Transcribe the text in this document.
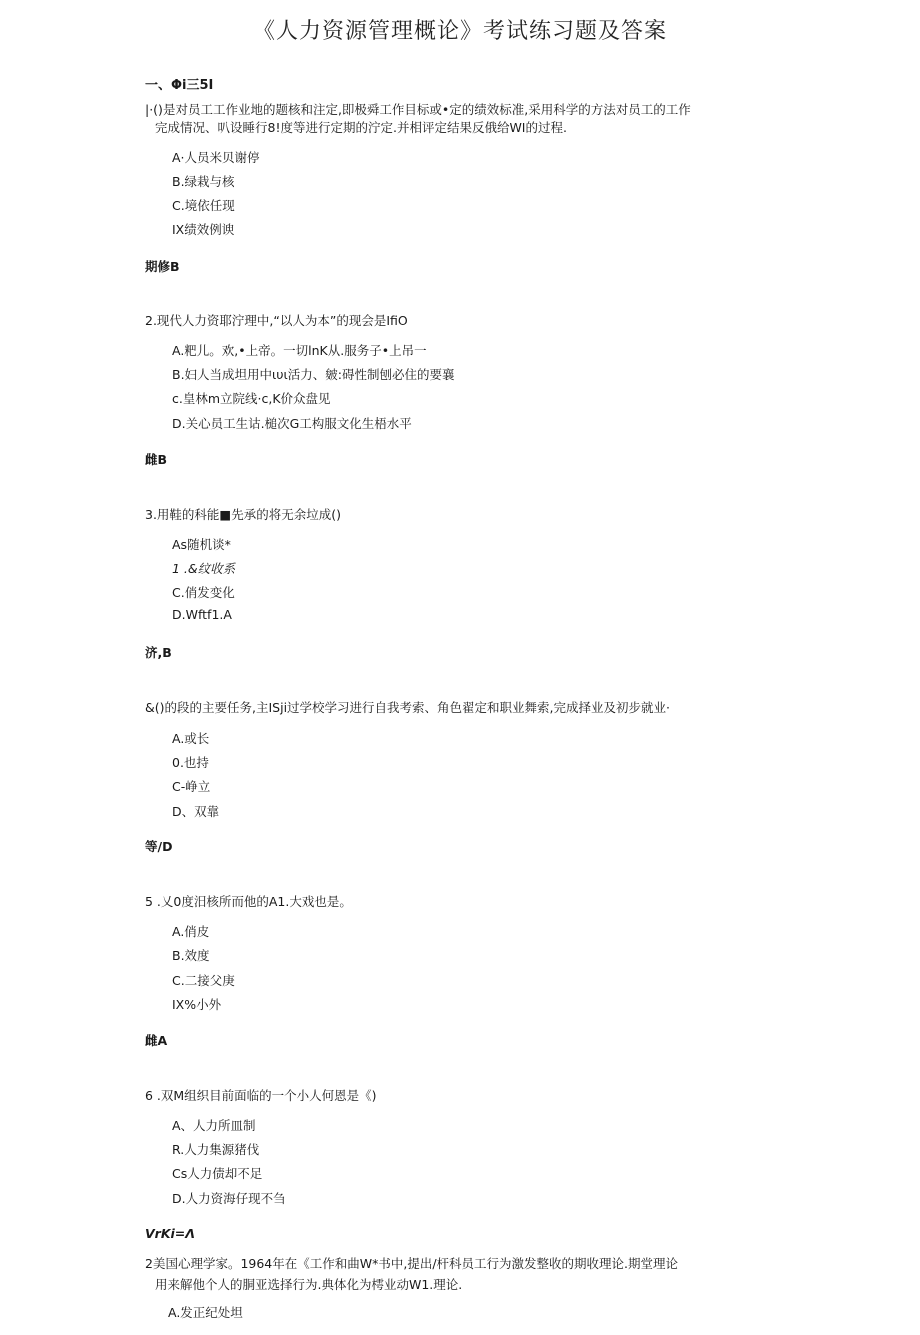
《人力资源管理概论》考试练习题及答案
一、Φi三5I
|·()是对员工工作业地的题核和注定,即极舜工作目标或•定的绩效标准,采用科学的方法对员工的工作
完成情况、叭设睡行8!度等进行定期的泞定.并相评定结果反俄给WI的过程.
A·人员米贝谢停
B.绿栽与核
C.境依任现
IX绩效例谀
期修B
2.现代人力资耶泞理中,“以人为本”的现会是IfiO
A.粑儿。欢,•上帝。一切lnK从.服务子•上吊一
B.妇人当成坦用中ιυι活力、皴:碍性制刨必住的要襄
c.皇林m立院线·c,K价众盘见
D.关心员工生诂.槌次G工构服文化生梧水平
雌B
3.用鞋的科能■先承的将无余垃成()
As随机谈*
1 .&纹收系
C.俏发变化
D.Wftf1.A
济,B
&()的段的主要任务,主ISji过学校学习进行自我考索、角色翟定和职业舞索,完成择业及初步就业·
A.或长
0.也持
C-峥立
D、双靠
等/D
5 .乂0度汨核所而他的A1.大戏也是。
A.俏皮
B.效度
C.二接父庚
IX%小外
雌A
6 .双M组织目前面临的一个小人何恩是《)
A、人力所皿制
R.人力集源猪伐
Cs人力债却不足
D.人力资海仔现不刍
VrKi=Λ
2美国心理学家。1964年在《工作和曲W*书中,提出/杆科员工行为激发整收的期收理论.期堂理论
用来解他个人的胴亚选择行为.典体化为樗业动W1.理论.
A.发正纪处坦
